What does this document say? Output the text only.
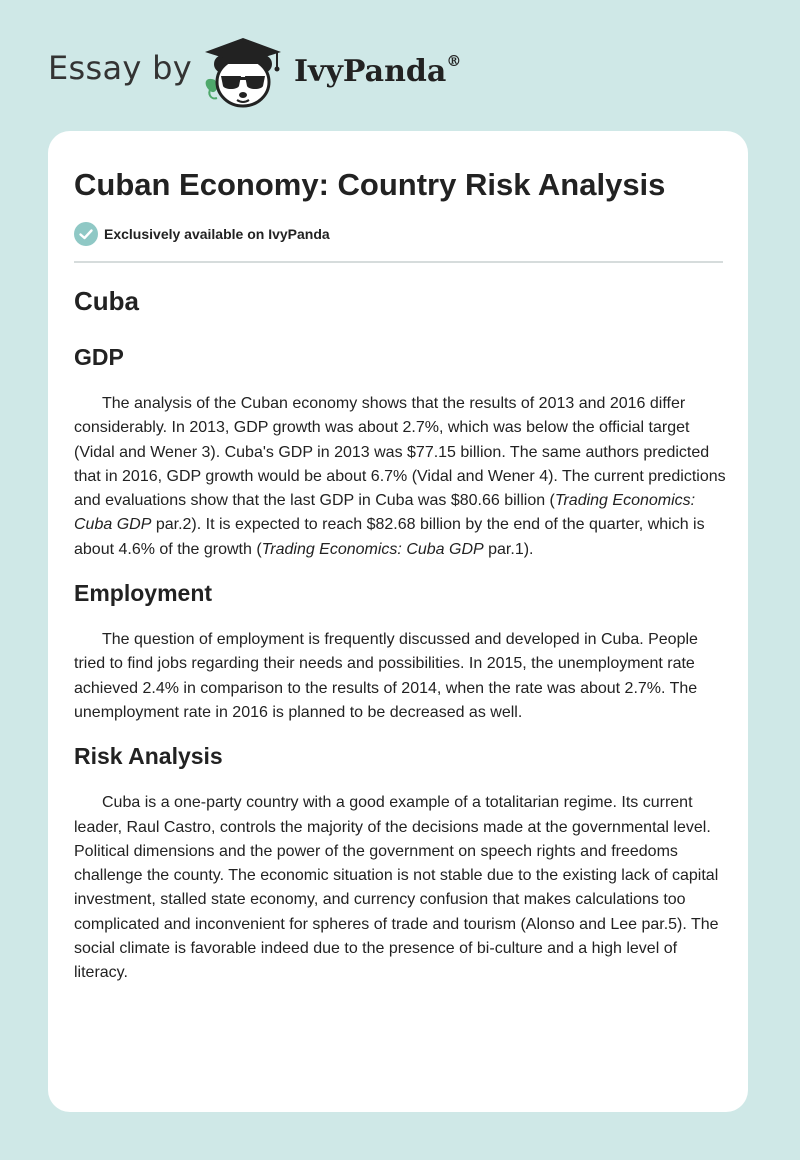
Essay by	IvyPanda®
Cuban Economy: Country Risk Analysis
Exclusively available on IvyPanda
Cuba
GDP

The analysis of the Cuban economy shows that the results of 2013 and 2016 differ considerably. In 2013, GDP growth was about 2.7%, which was below the official target (Vidal and Wener 3). Cuba's GDP in 2013 was $77.15 billion. The same authors predicted that in 2016, GDP growth would be about 6.7% (Vidal and Wener 4). The current predictions and evaluations show that the last GDP in Cuba was $80.66 billion (Trading Economics: Cuba GDP par.2). It is expected to reach $82.68 billion by the end of the quarter, which is about 4.6% of the growth (Trading Economics: Cuba GDP par.1).

Employment

The question of employment is frequently discussed and developed in Cuba. People tried to find jobs regarding their needs and possibilities. In 2015, the unemployment rate achieved 2.4% in comparison to the results of 2014, when the rate was about 2.7%. The unemployment rate in 2016 is planned to be decreased as well.

Risk Analysis

Cuba is a one-party country with a good example of a totalitarian regime. Its current leader, Raul Castro, controls the majority of the decisions made at the governmental level. Political dimensions and the power of the government on speech rights and freedoms challenge the county. The economic situation is not stable due to the existing lack of capital investment, stalled state economy, and currency confusion that makes calculations too complicated and inconvenient for spheres of trade and tourism (Alonso and Lee par.5). The social climate is favorable indeed due to the presence of bi-culture and a high level of literacy.
